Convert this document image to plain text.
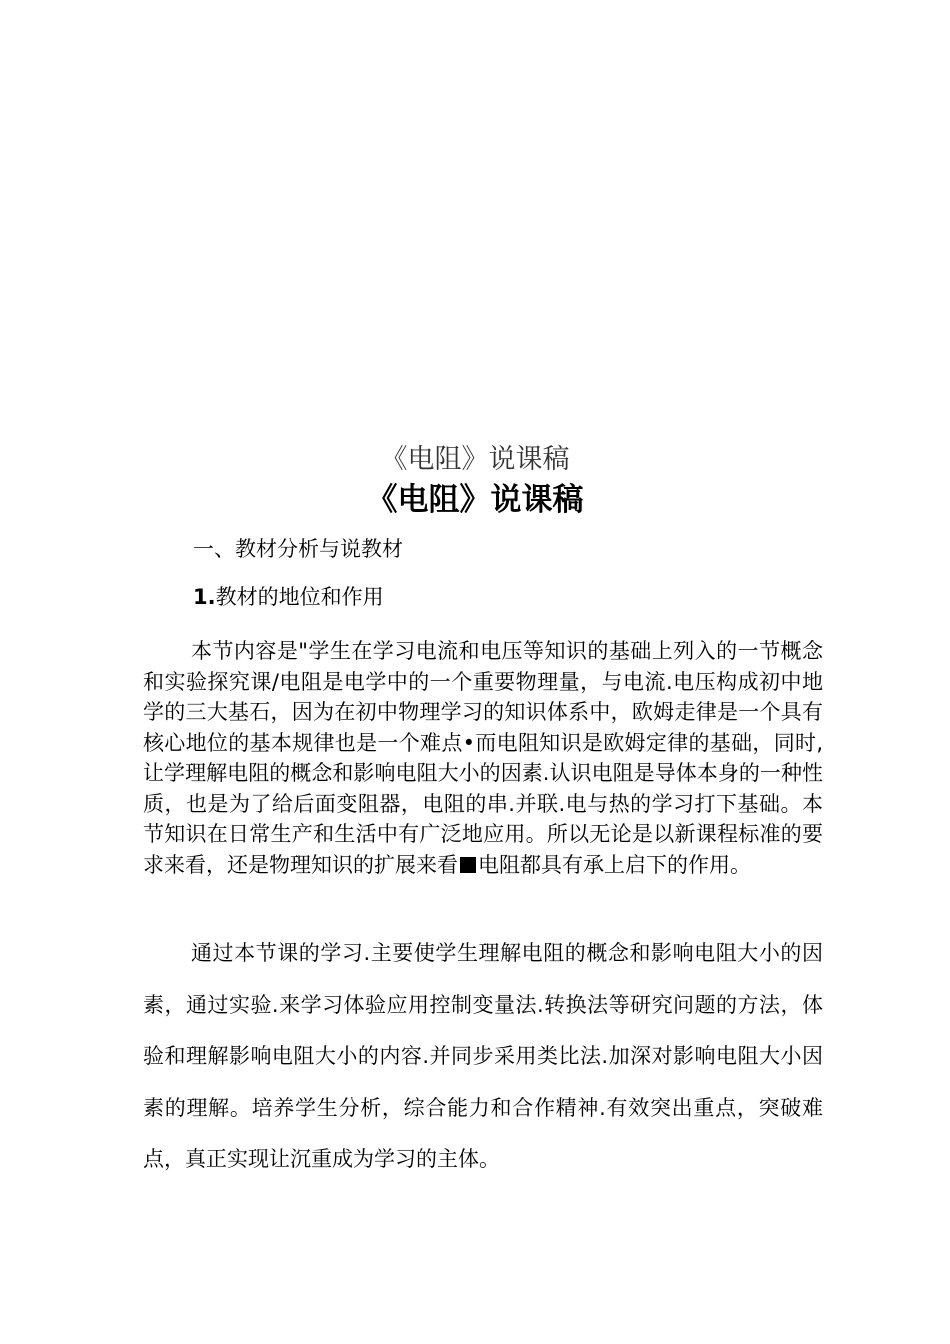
《电阻》说课稿
《电阻》说课稿
一、教材分析与说教材
1.教材的地位和作用

本节内容是"学生在学习电流和电压等知识的基础上列入的一节概念和实验探究课/电阻是电学中的一个重要物理量，与电流.电压构成初中地学的三大基石，因为在初中物理学习的知识体系中，欧姆走律是一个具有核心地位的基本规律也是一个难点•而电阻知识是欧姆定律的基础，同时,让学理解电阻的概念和影响电阻大小的因素.认识电阻是导体本身的一种性质，也是为了给后面变阻器，电阻的串.并联.电与热的学习打下基础。本节知识在日常生产和生活中有广泛地应用。所以无论是以新课程标准的要求来看，还是物理知识的扩展来看 电阻都具有承上启下的作用。

通过本节课的学习.主要使学生理解电阻的概念和影响电阻大小的因素，通过实验.来学习体验应用控制变量法.转换法等研究问题的方法，体验和理解影响电阻大小的内容.并同步采用类比法.加深对影响电阻大小因素的理解。培养学生分析，综合能力和合作精神.有效突出重点，突破难点，真正实现让沉重成为学习的主体。
